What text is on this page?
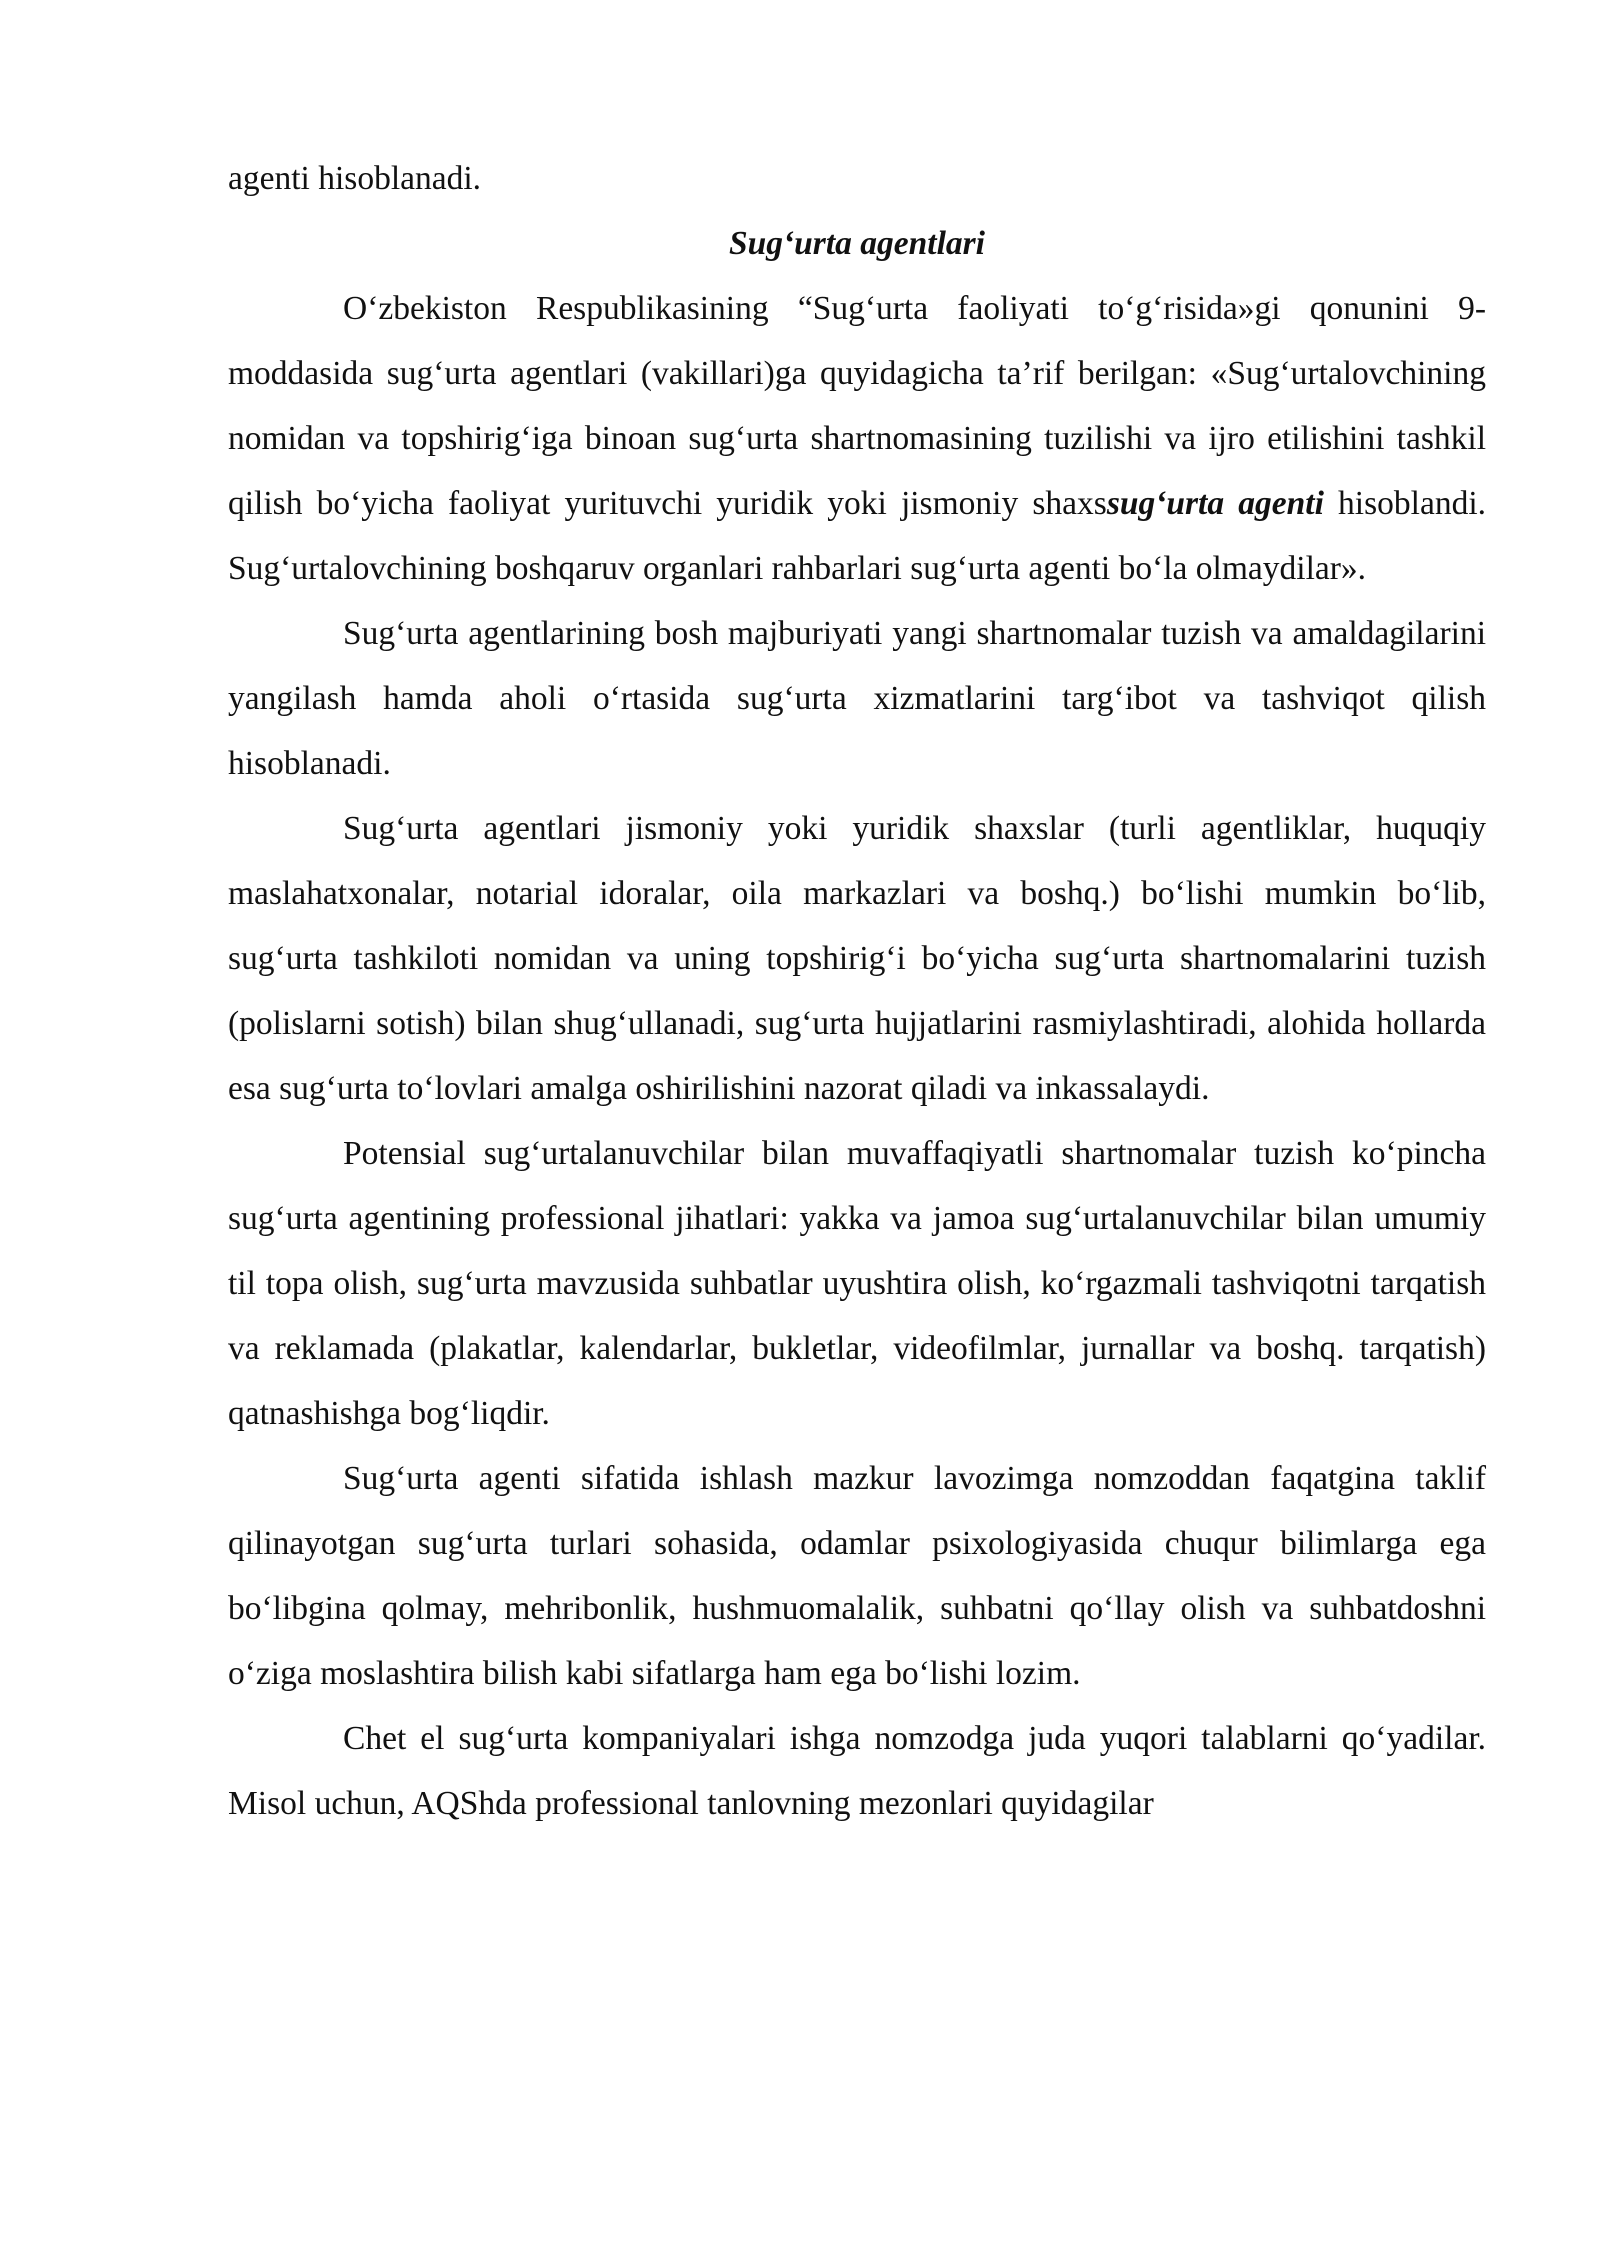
agenti hisoblanadi.

Sug‘urta agentlari

O‘zbekiston Respublikasining “Sug‘urta faoliyati to‘g‘risida»gi qonunini 9-moddasida sug‘urta agentlari (vakillari)ga quyidagicha ta’rif berilgan: «Sug‘urtalovchining nomidan va topshirig‘iga binoan sug‘urta shartnomasining tuzilishi va ijro etilishini tashkil qilish bo‘yicha faoliyat yurituvchi yuridik yoki jismoniy shaxssug‘urta agenti hisoblandi. Sug‘urtalovchining boshqaruv organlari rahbarlari sug‘urta agenti bo‘la olmaydilar».

Sug‘urta agentlarining bosh majburiyati yangi shartnomalar tuzish va amaldagilarini yangilash hamda aholi o‘rtasida sug‘urta xizmatlarini targ‘ibot va tashviqot qilish hisoblanadi.

Sug‘urta agentlari jismoniy yoki yuridik shaxslar (turli agentliklar, huquqiy maslahatxonalar, notarial idoralar, oila markazlari va boshq.) bo‘lishi mumkin bo‘lib, sug‘urta tashkiloti nomidan va uning topshirig‘i bo‘yicha sug‘urta shartnomalarini tuzish (polislarni sotish) bilan shug‘ullanadi, sug‘urta hujjatlarini rasmiylashtiradi, alohida hollarda esa sug‘urta to‘lovlari amalga oshirilishini nazorat qiladi va inkassalaydi.

Potensial sug‘urtalanuvchilar bilan muvaffaqiyatli shartnomalar tuzish ko‘pincha sug‘urta agentining professional jihatlari: yakka va jamoa sug‘urtalanuvchilar bilan umumiy til topa olish, sug‘urta mavzusida suhbatlar uyushtira olish, ko‘rgazmali tashviqotni tarqatish va reklamada (plakatlar, kalendarlar, bukletlar, videofilmlar, jurnallar va boshq. tarqatish) qatnashishga bog‘liqdir.

Sug‘urta agenti sifatida ishlash mazkur lavozimga nomzoddan faqatgina taklif qilinayotgan sug‘urta turlari sohasida, odamlar psixologiyasida chuqur bilimlarga ega bo‘libgina qolmay, mehribonlik, hushmuomalalik, suhbatni qo‘llay olish va suhbatdoshni o‘ziga moslashtira bilish kabi sifatlarga ham ega bo‘lishi lozim.

Chet el sug‘urta kompaniyalari ishga nomzodga juda yuqori talablarni qo‘yadilar. Misol uchun, AQShda professional tanlovning mezonlari quyidagilar
